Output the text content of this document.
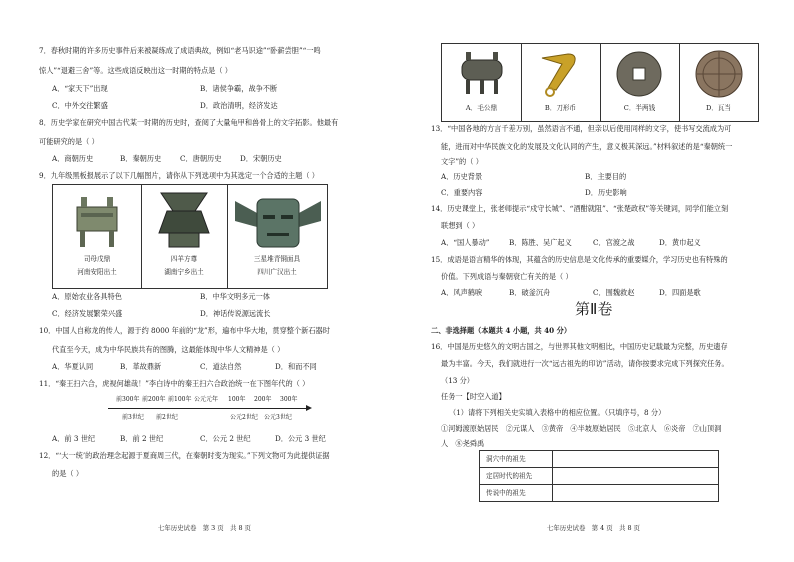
7．春秋时期的许多历史事件后来被凝练成了成语典故，例如“老马识途”“卧薪尝胆”“一鸣
惊人”“退避三舍”等。这些成语反映出这一时期的特点是（ ）
A．“家天下”出现	B．诸侯争霸，战争不断
C．中外交往繁盛	D．政治清明，经济发达
8．历史学家在研究中国古代某一时期的历史时，查阅了大量龟甲和兽骨上的文字拓影。他最有
可能研究的是（ ）
A．商朝历史	B．秦朝历史	C．唐朝历史	D．宋朝历史
9．九年级黑板报展示了以下几幅图片，请你从下列选项中为其选定一个合适的主题（ ）
司母戊鼎
河南安阳出土
四羊方尊
湖南宁乡出土
三星堆青铜面具
四川广汉出土
A．原始农业各具特色	B．中华文明多元一体
C．经济发展繁荣兴盛	D．神话传说源远流长
10．中国人自称龙的传人，源于约 8000 年前的“龙”形，遍布中华大地，贯穿整个新石器时
代直至今天，成为中华民族共有的图腾，这最能体现中华人文精神是（ ）
A．华夏认同	B．革故鼎新	C．道法自然	D．和而不同
11．“秦王扫六合，虎视何雄哉！”李白诗中的秦王扫六合政治统一在下图年代的（ ）
前300年 前200年 前100年 公元元年 100年 200年 300年
前3世纪 前2世纪	公元2世纪 公元3世纪
A．前 3 世纪	B．前 2 世纪	C．公元 2 世纪	D．公元 3 世纪
12．“‘大一统’的政治理念起源于夏商周三代，在秦朝时变为现实。”下列文物可为此提供证据
的是（ ）
七年历史试卷　第 3 页　共 8 页
A．毛公鼎	B．刀形币	C．半两钱	D．瓦当
13．“中国各地的方言千差万别，虽然语言不通，但亲以后使用同样的文字，使书写交流成为可
能，进而对中华民族文化的发展及文化认同的产生，意义极其深远。”材料叙述的是“秦朝统一
文字”的（ ）
A．历史背景	B．主要目的
C．重要内容	D．历史影响
14．历史课堂上，张老师提示“戍守长城”、“酒酣就阻”、“张楚政权”等关键词，同学们能立刻
联想到（ ）
A．“国人暴动”	B．陈胜、吴广起义	C．官渡之战	D．黄巾起义
15．成语是语言精华的体现，其蕴含的历史信息是文化传承的重要媒介，学习历史也有特殊的
价值。下列成语与秦朝衰亡有关的是（ ）
A．风声鹤唳	B．破釜沉舟	C．围魏救赵	D．四面是歌
第Ⅱ卷
二、非选择题（本题共 4 小题，共 40 分）
16．中国是历史悠久的文明古国之，与世界其他文明相比，中国历史记载最为完整，历史遗存
最为丰富。今天，我们就进行一次“远古祖先的印访”活动，请你按要求完成下列探究任务。
（13 分）
任务一【时空入道】
（1）请将下列相关史实填入表格中的相应位置。（只填序号，8 分）
①河姆渡原始居民　②元谋人　③黄帝　④半坡原始居民　⑤北京人　⑥炎帝　⑦山顶洞
人　⑧尧舜禹
洞穴中的祖先	
定居时代的祖先	
传说中的祖先	
七年历史试卷　第 4 页　共 8 页
